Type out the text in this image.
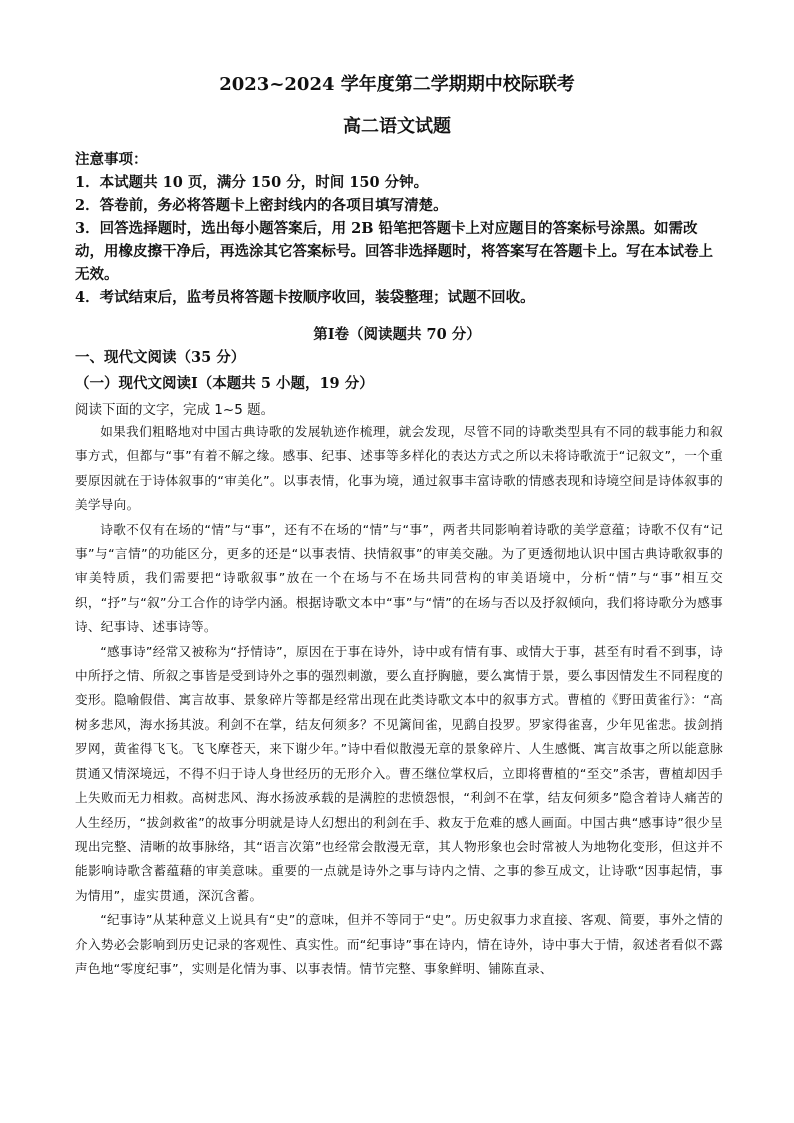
2023~2024 学年度第二学期期中校际联考
高二语文试题

注意事项：

1．本试题共 10 页，满分 150 分，时间 150 分钟。

2．答卷前，务必将答题卡上密封线内的各项目填写清楚。

3．回答选择题时，选出每小题答案后，用 2B 铅笔把答题卡上对应题目的答案标号涂黑。如需改动，用橡皮擦干净后，再选涂其它答案标号。回答非选择题时，将答案写在答题卡上。写在本试卷上无效。

4．考试结束后，监考员将答题卡按顺序收回，装袋整理；试题不回收。

第Ⅰ卷（阅读题共 70 分）
一、现代文阅读（35 分）
（一）现代文阅读Ⅰ（本题共 5 小题，19 分）
阅读下面的文字，完成 1~5 题。

如果我们粗略地对中国古典诗歌的发展轨迹作梳理，就会发现，尽管不同的诗歌类型具有不同的载事能力和叙事方式，但都与“事”有着不解之缘。感事、纪事、述事等多样化的表达方式之所以未将诗歌流于“记叙文”，一个重要原因就在于诗体叙事的“审美化”。以事表情，化事为境，通过叙事丰富诗歌的情感表现和诗境空间是诗体叙事的美学导向。

诗歌不仅有在场的“情”与“事”，还有不在场的“情”与“事”，两者共同影响着诗歌的美学意蕴；诗歌不仅有“记事”与“言情”的功能区分，更多的还是“以事表情、抉情叙事”的审美交融。为了更透彻地认识中国古典诗歌叙事的审美特质，我们需要把“诗歌叙事”放在一个在场与不在场共同营构的审美语境中，分析“情”与“事”相互交织，“抒”与“叙”分工合作的诗学内涵。根据诗歌文本中“事”与“情”的在场与否以及抒叙倾向，我们将诗歌分为感事诗、纪事诗、述事诗等。

“感事诗”经常又被称为“抒情诗”，原因在于事在诗外，诗中或有情有事、或情大于事，甚至有时看不到事，诗中所抒之情、所叙之事皆是受到诗外之事的强烈刺激，要么直抒胸臆，要么寓情于景，要么事因情发生不同程度的变形。隐喻假借、寓言故事、景象碎片等都是经常出现在此类诗歌文本中的叙事方式。曹植的《野田黄雀行》：“高树多悲风，海水扬其波。利剑不在掌，结友何须多？不见篱间雀，见鹞自投罗。罗家得雀喜，少年见雀悲。拔剑捎罗网，黄雀得飞飞。飞飞摩苍天，来下谢少年。”诗中看似散漫无章的景象碎片、人生感慨、寓言故事之所以能意脉贯通又情深境远，不得不归于诗人身世经历的无形介入。曹丕继位掌权后，立即将曹植的“至交”杀害，曹植却因手上失败而无力相救。高树悲风、海水扬波承载的是满腔的悲愤怨恨，“利剑不在掌，结友何须多”隐含着诗人痛苦的人生经历，“拔剑救雀”的故事分明就是诗人幻想出的利剑在手、救友于危难的感人画面。中国古典“感事诗”很少呈现出完整、清晰的故事脉络，其“语言次第”也经常会散漫无章，其人物形象也会时常被人为地物化变形，但这并不能影响诗歌含蓄蕴藉的审美意味。重要的一点就是诗外之事与诗内之情、之事的参互成文，让诗歌“因事起情，事为情用”，虚实贯通，深沉含蓄。

“纪事诗”从某种意义上说具有“史”的意味，但并不等同于“史”。历史叙事力求直接、客观、简要，事外之情的介入势必会影响到历史记录的客观性、真实性。而“纪事诗”事在诗内，情在诗外，诗中事大于情，叙述者看似不露声色地“零度纪事”，实则是化情为事、以事表情。情节完整、事象鲜明、铺陈直录、
